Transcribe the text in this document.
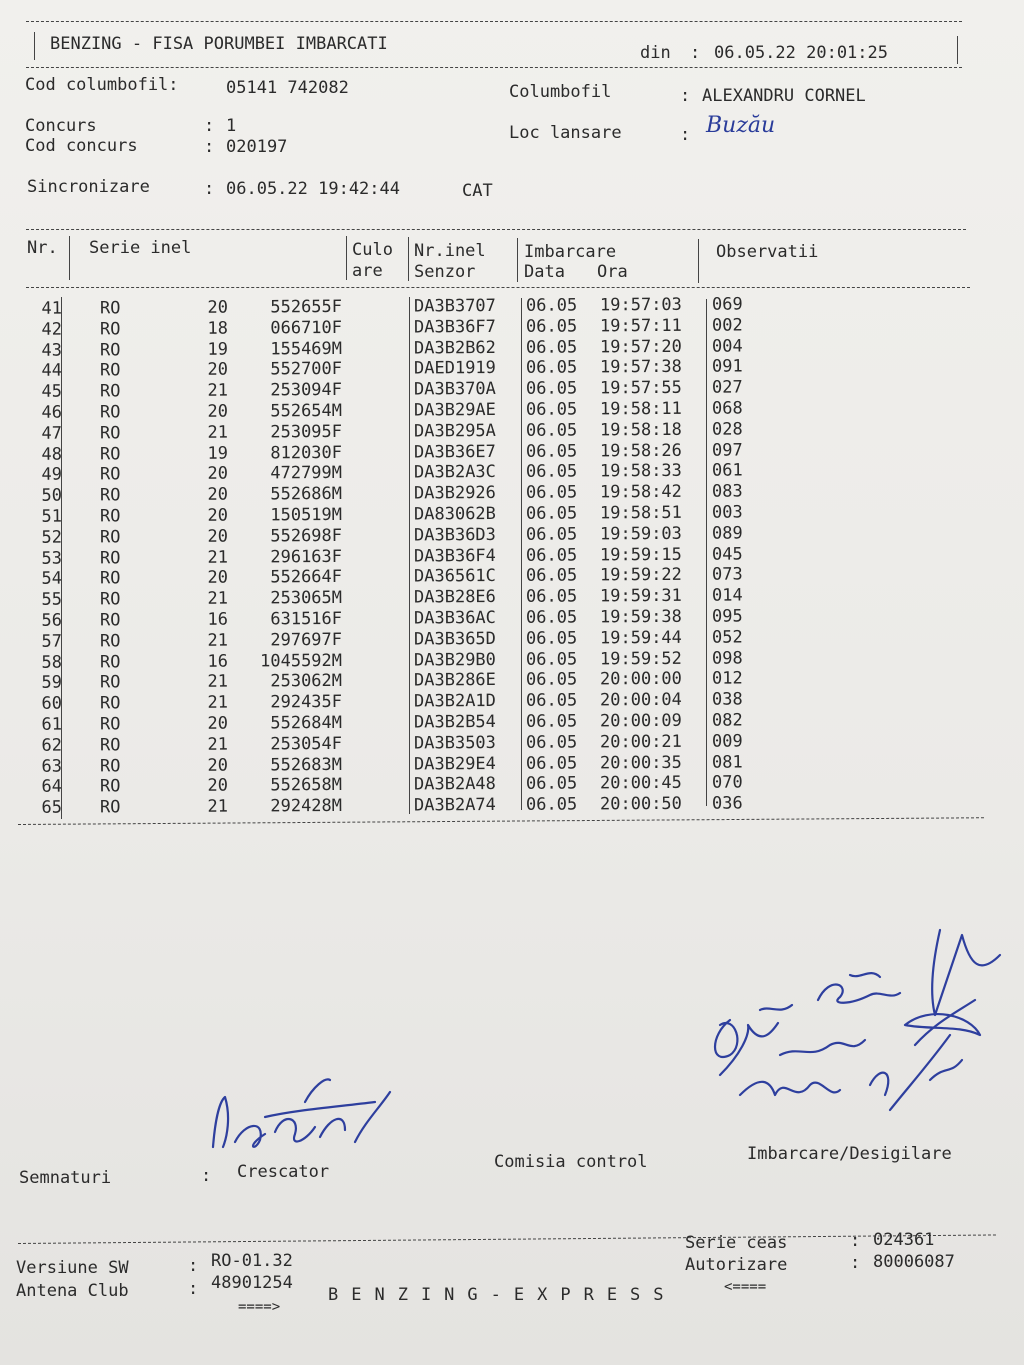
BENZING - FISA PORUMBEI IMBARCATI	din : 06.05.22 20:01:25
Cod columbofil:	05141 742082	Columbofil	: ALEXANDRU CORNEL
Concurs	: 1
Cod concurs	: 020197
Loc lansare	: Buzău
Sincronizare	: 06.05.22 19:42:44	CAT
Nr. Serie inel	Culo
are
Nr.inel
Senzor
Imbarcare
Data Ora
Observatii
41 RO	20	552655F	DA3B3707 06.05 19:57:03 069
42 RO	18	066710F	DA3B36F7 06.05 19:57:11 002
43 RO	19	155469M	DA3B2B62 06.05 19:57:20 004
44 RO	20	552700F	DAED1919 06.05 19:57:38 091
45 RO	21	253094F	DA3B370A 06.05 19:57:55 027
46 RO	20	552654M	DA3B29AE 06.05 19:58:11 068
47 RO	21	253095F	DA3B295A 06.05 19:58:18 028
48 RO	19	812030F	DA3B36E7 06.05 19:58:26 097
49 RO	20	472799M	DA3B2A3C 06.05 19:58:33 061
50 RO	20	552686M	DA3B2926 06.05 19:58:42 083
51 RO	20	150519M	DA83062B 06.05 19:58:51 003
52 RO	20	552698F	DA3B36D3 06.05 19:59:03 089
53 RO	21	296163F	DA3B36F4 06.05 19:59:15 045
54 RO	20	552664F	DA36561C 06.05 19:59:22 073
55 RO	21	253065M	DA3B28E6 06.05 19:59:31 014
56 RO	16	631516F	DA3B36AC 06.05 19:59:38 095
57 RO	21	297697F	DA3B365D 06.05 19:59:44 052
58 RO	16	1045592M	DA3B29B0 06.05 19:59:52 098
59 RO	21	253062M	DA3B286E 06.05 20:00:00 012
60 RO	21	292435F	DA3B2A1D 06.05 20:00:04 038
61 RO	20	552684M	DA3B2B54 06.05 20:00:09 082
62 RO	21	253054F	DA3B3503 06.05 20:00:21 009
63 RO	20	552683M	DA3B29E4 06.05 20:00:35 081
64 RO	20	552658M	DA3B2A48 06.05 20:00:45 070
65 RO	21	292428M	DA3B2A74 06.05 20:00:50 036
Semnaturi	: Crescator	Comisia control	Imbarcare/Desigilare
Versiune SW	: RO-01.32
Antena Club	: 48901254
Serie ceas	: 024361
Autorizare	: 80006087
====>
BENZING-EXPRESS	<====
